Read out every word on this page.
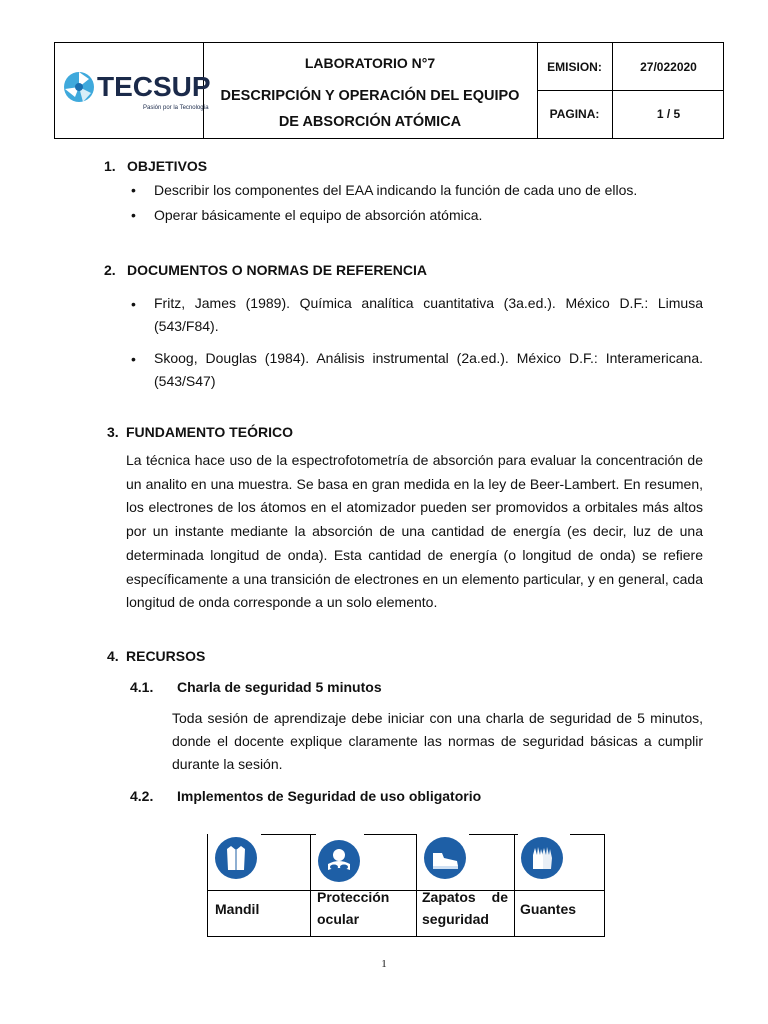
TECSUP
Pasión por la Tecnología
LABORATORIO N°7
DESCRIPCIÓN Y OPERACIÓN DEL EQUIPO
DE ABSORCIÓN ATÓMICA
EMISION:	27/022020
PAGINA:	1 / 5
1. OBJETIVOS
• Describir los componentes del EAA indicando la función de cada uno de ellos.
• Operar básicamente el equipo de absorción atómica.
2. DOCUMENTOS O NORMAS DE REFERENCIA
• Fritz, James (1989). Química analítica cuantitativa (3a.ed.). México D.F.: Limusa (543/F84).
• Skoog, Douglas (1984). Análisis instrumental (2a.ed.). México D.F.: Interamericana. (543/S47)
3. FUNDAMENTO TEÓRICO
La técnica hace uso de la espectrofotometría de absorción para evaluar la concentración de un analito en una muestra. Se basa en gran medida en la ley de Beer-Lambert. En resumen, los electrones de los átomos en el atomizador pueden ser promovidos a orbitales más altos por un instante mediante la absorción de una cantidad de energía (es decir, luz de una determinada longitud de onda). Esta cantidad de energía (o longitud de onda) se refiere específicamente a una transición de electrones en un elemento particular, y en general, cada longitud de onda corresponde a un solo elemento.
4. RECURSOS
4.1. Charla de seguridad 5 minutos
Toda sesión de aprendizaje debe iniciar con una charla de seguridad de 5 minutos, donde el docente explique claramente las normas de seguridad básicas a cumplir durante la sesión.
4.2. Implementos de Seguridad de uso obligatorio
Mandil
Protección ocular
Zapatos de seguridad
Guantes
1
